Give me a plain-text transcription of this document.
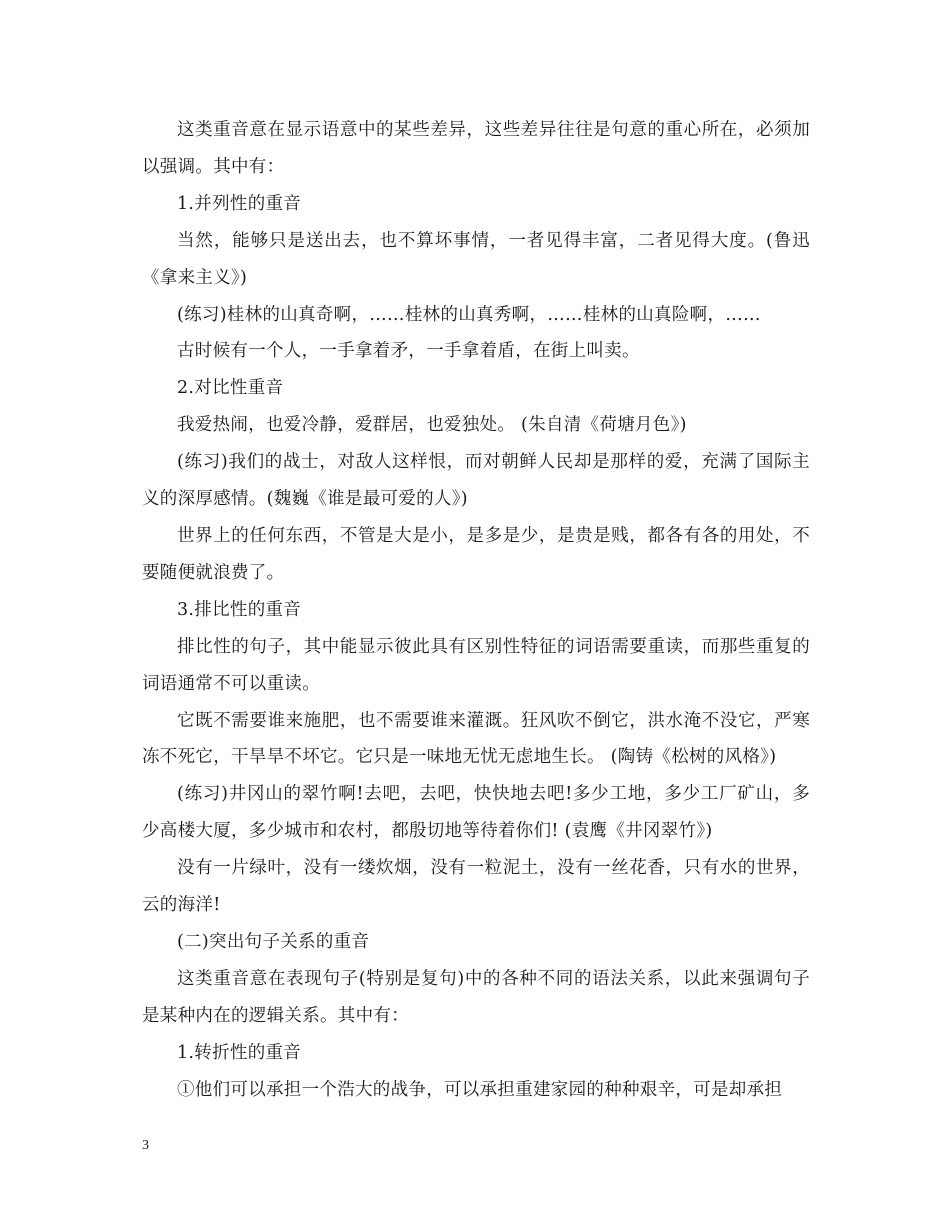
这类重音意在显示语意中的某些差异，这些差异往往是句意的重心所在，必须加以强调。其中有：

1.并列性的重音

当然，能够只是送出去，也不算坏事情，一者见得丰富，二者见得大度。(鲁迅《拿来主义》)

(练习)桂林的山真奇啊，……桂林的山真秀啊，……桂林的山真险啊，……

古时候有一个人，一手拿着矛，一手拿着盾，在街上叫卖。

2.对比性重音

我爱热闹，也爱冷静，爱群居，也爱独处。 (朱自清《荷塘月色》)

(练习)我们的战士，对敌人这样恨，而对朝鲜人民却是那样的爱，充满了国际主义的深厚感情。(魏巍《谁是最可爱的人》)

世界上的任何东西，不管是大是小，是多是少，是贵是贱，都各有各的用处，不要随便就浪费了。

3.排比性的重音

排比性的句子，其中能显示彼此具有区别性特征的词语需要重读，而那些重复的词语通常不可以重读。

它既不需要谁来施肥，也不需要谁来灌溉。狂风吹不倒它，洪水淹不没它，严寒冻不死它，干旱旱不坏它。它只是一味地无忧无虑地生长。 (陶铸《松树的风格》)

(练习)井冈山的翠竹啊!去吧，去吧，快快地去吧!多少工地，多少工厂矿山，多少高楼大厦，多少城市和农村，都殷切地等待着你们! (袁鹰《井冈翠竹》)

没有一片绿叶，没有一缕炊烟，没有一粒泥土，没有一丝花香，只有水的世界，云的海洋!

(二)突出句子关系的重音

这类重音意在表现句子(特别是复句)中的各种不同的语法关系，以此来强调句子是某种内在的逻辑关系。其中有：

1.转折性的重音

①他们可以承担一个浩大的战争，可以承担重建家园的种种艰辛，可是却承担

3
